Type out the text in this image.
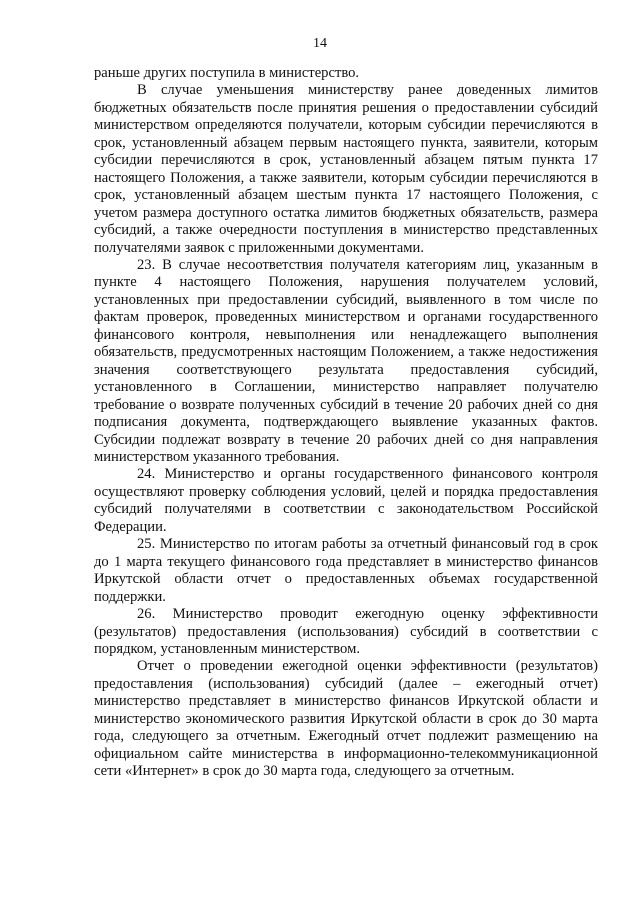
14

раньше других поступила в министерство.

В случае уменьшения министерству ранее доведенных лимитов бюджетных обязательств после принятия решения о предоставлении субсидий министерством определяются получатели, которым субсидии перечисляются в срок, установленный абзацем первым настоящего пункта, заявители, которым субсидии перечисляются в срок, установленный абзацем пятым пункта 17 настоящего Положения, а также заявители, которым субсидии перечисляются в срок, установленный абзацем шестым пункта 17 настоящего Положения, с учетом размера доступного остатка лимитов бюджетных обязательств, размера субсидий, а также очередности поступления в министерство представленных получателями заявок с приложенными документами.

23. В случае несоответствия получателя категориям лиц, указанным в пункте 4 настоящего Положения, нарушения получателем условий, установленных при предоставлении субсидий, выявленного в том числе по фактам проверок, проведенных министерством и органами государственного финансового контроля, невыполнения или ненадлежащего выполнения обязательств, предусмотренных настоящим Положением, а также недостижения значения соответствующего результата предоставления субсидий, установленного в Соглашении, министерство направляет получателю требование о возврате полученных субсидий в течение 20 рабочих дней со дня подписания документа, подтверждающего выявление указанных фактов. Субсидии подлежат возврату в течение 20 рабочих дней со дня направления министерством указанного требования.

24. Министерство и органы государственного финансового контроля осуществляют проверку соблюдения условий, целей и порядка предоставления субсидий получателями в соответствии с законодательством Российской Федерации.

25. Министерство по итогам работы за отчетный финансовый год в срок до 1 марта текущего финансового года представляет в министерство финансов Иркутской области отчет о предоставленных объемах государственной поддержки.

26. Министерство проводит ежегодную оценку эффективности (результатов) предоставления (использования) субсидий в соответствии с порядком, установленным министерством.

Отчет о проведении ежегодной оценки эффективности (результатов) предоставления (использования) субсидий (далее – ежегодный отчет) министерство представляет в министерство финансов Иркутской области и министерство экономического развития Иркутской области в срок до 30 марта года, следующего за отчетным. Ежегодный отчет подлежит размещению на официальном сайте министерства в информационно-телекоммуникационной сети «Интернет» в срок до 30 марта года, следующего за отчетным.
